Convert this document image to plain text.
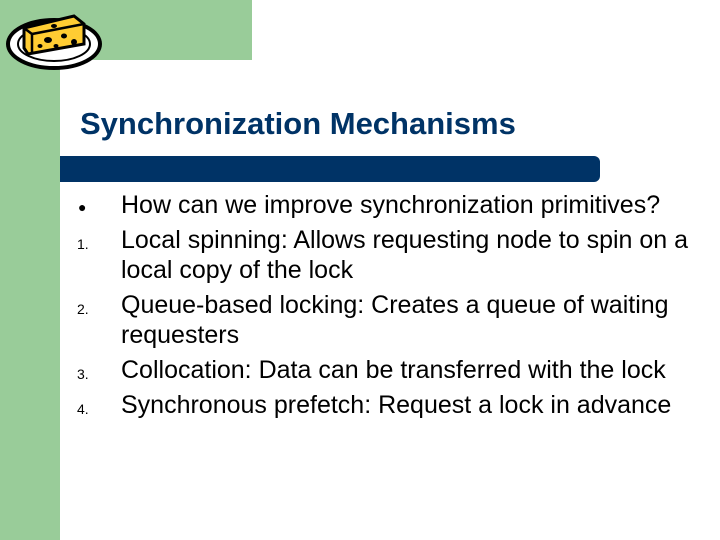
Synchronization Mechanisms
●	How can we improve synchronization primitives?
1.	Local spinning: Allows requesting node to spin on a local copy of the lock
2.	Queue-based locking: Creates a queue of waiting requesters
3.	Collocation: Data can be transferred with the lock
4.	Synchronous prefetch: Request a lock in advance
